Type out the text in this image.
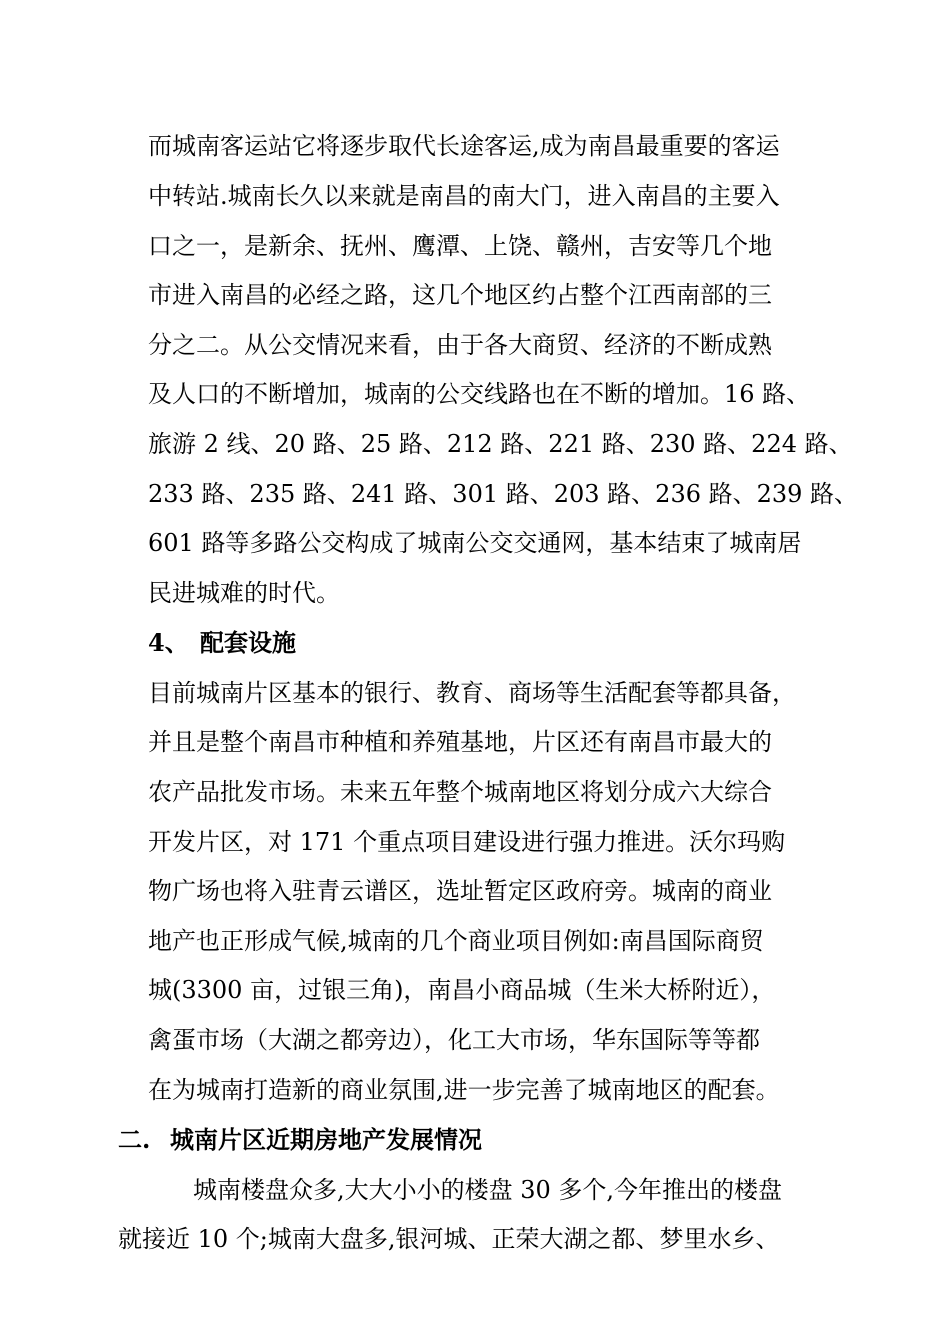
而城南客运站它将逐步取代长途客运,成为南昌最重要的客运
中转站.城南长久以来就是南昌的南大门，进入南昌的主要入
口之一，是新余、抚州、鹰潭、上饶、赣州，吉安等几个地
市进入南昌的必经之路，这几个地区约占整个江西南部的三
分之二。从公交情况来看，由于各大商贸、经济的不断成熟
及人口的不断增加，城南的公交线路也在不断的增加。16 路、
旅游 2 线、20 路、25 路、212 路、221 路、230 路、224 路、
233 路、235 路、241 路、301 路、203 路、236 路、239 路、
601 路等多路公交构成了城南公交交通网，基本结束了城南居
民进城难的时代。
4、 配套设施
目前城南片区基本的银行、教育、商场等生活配套等都具备，
并且是整个南昌市种植和养殖基地，片区还有南昌市最大的
农产品批发市场。未来五年整个城南地区将划分成六大综合
开发片区，对 171 个重点项目建设进行强力推进。沃尔玛购
物广场也将入驻青云谱区，选址暂定区政府旁。城南的商业
地产也正形成气候,城南的几个商业项目例如:南昌国际商贸
城(3300 亩，过银三角)，南昌小商品城（生米大桥附近），
禽蛋市场（大湖之都旁边），化工大市场，华东国际等等都
在为城南打造新的商业氛围,进一步完善了城南地区的配套。
二. 城南片区近期房地产发展情况
城南楼盘众多,大大小小的楼盘 30 多个,今年推出的楼盘
就接近 10 个;城南大盘多,银河城、正荣大湖之都、梦里水乡、
